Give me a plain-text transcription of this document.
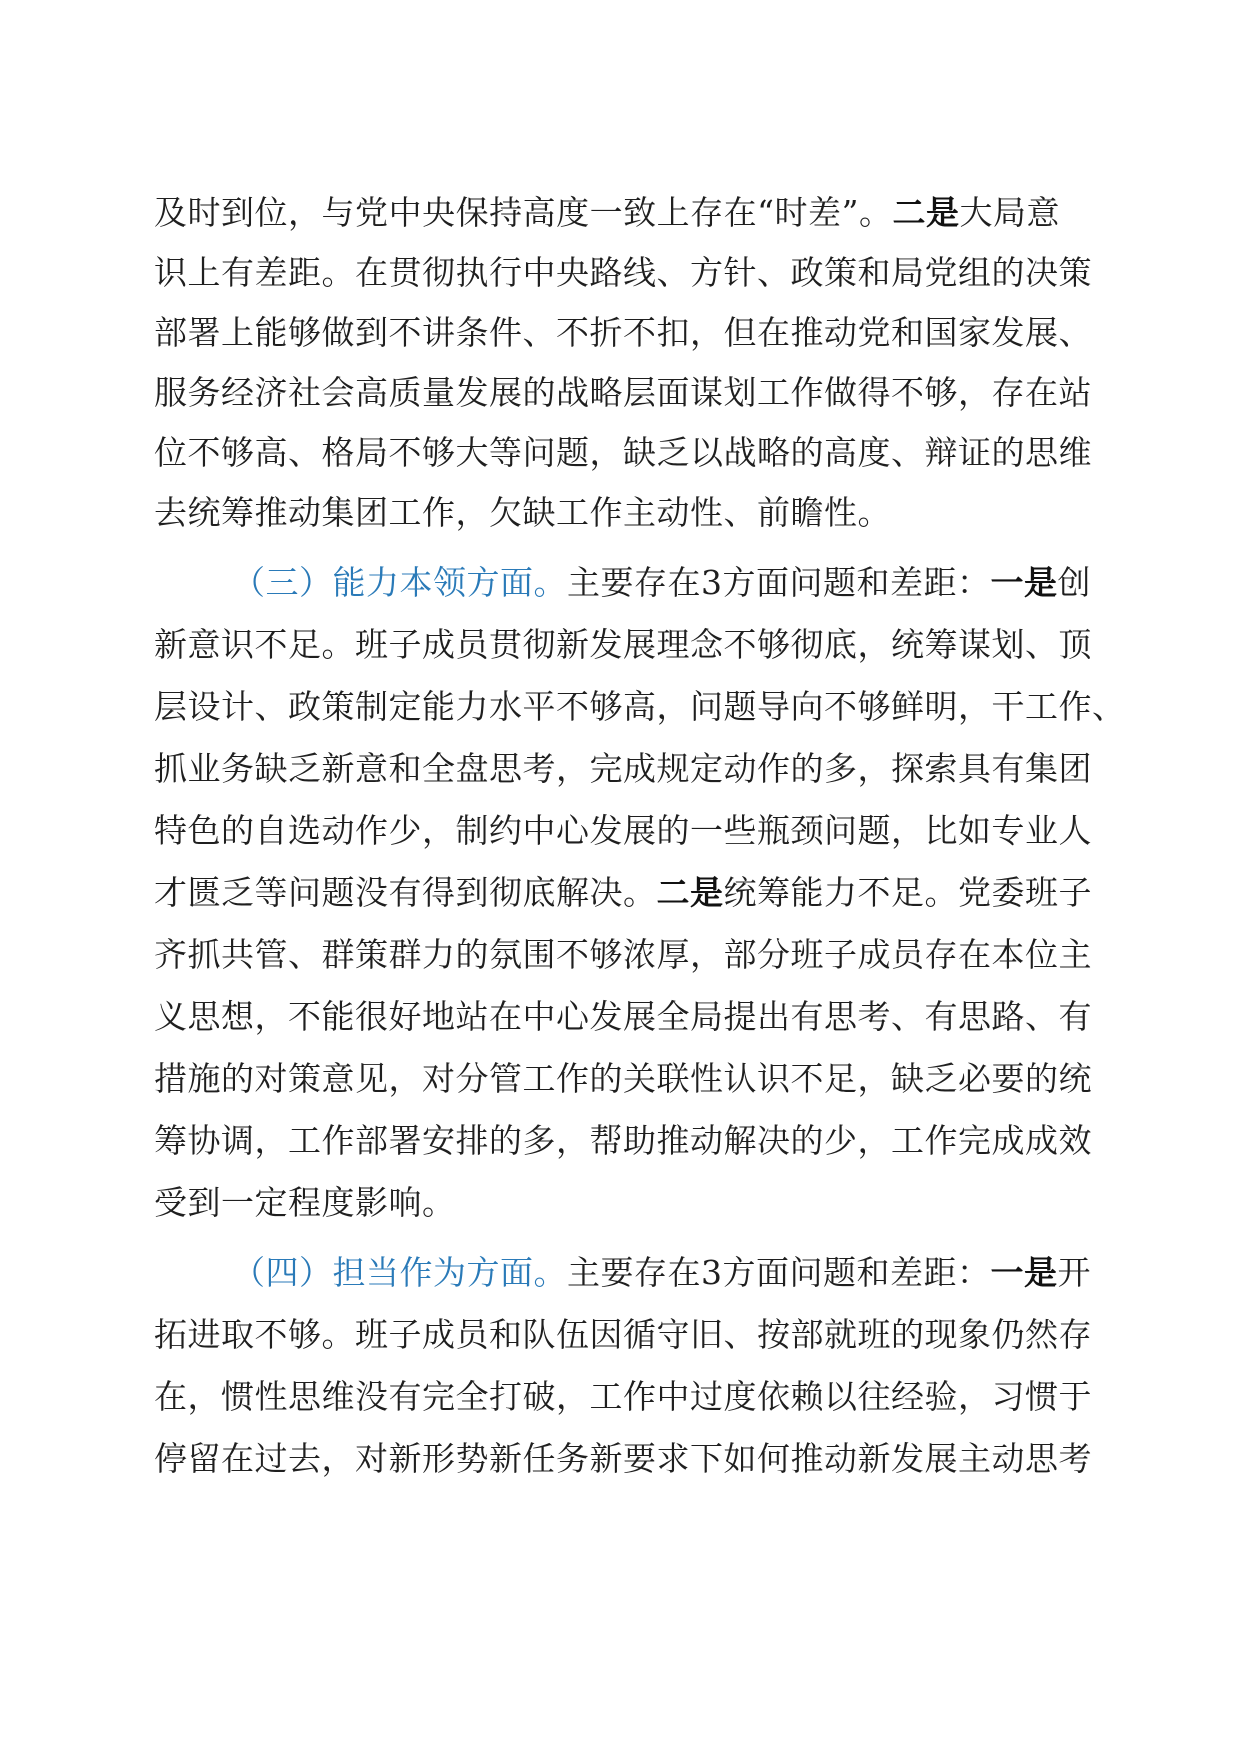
及时到位，与党中央保持高度一致上存在“时差”。二是大局意
识上有差距。在贯彻执行中央路线、方针、政策和局党组的决策
部署上能够做到不讲条件、不折不扣，但在推动党和国家发展、
服务经济社会高质量发展的战略层面谋划工作做得不够，存在站
位不够高、格局不够大等问题，缺乏以战略的高度、辩证的思维
去统筹推动集团工作，欠缺工作主动性、前瞻性。
（三）能力本领方面。主要存在3方面问题和差距：一是创
新意识不足。班子成员贯彻新发展理念不够彻底，统筹谋划、顶
层设计、政策制定能力水平不够高，问题导向不够鲜明，干工作、
抓业务缺乏新意和全盘思考，完成规定动作的多，探索具有集团
特色的自选动作少，制约中心发展的一些瓶颈问题，比如专业人
才匮乏等问题没有得到彻底解决。二是统筹能力不足。党委班子
齐抓共管、群策群力的氛围不够浓厚，部分班子成员存在本位主
义思想，不能很好地站在中心发展全局提出有思考、有思路、有
措施的对策意见，对分管工作的关联性认识不足，缺乏必要的统
筹协调，工作部署安排的多，帮助推动解决的少，工作完成成效
受到一定程度影响。
（四）担当作为方面。主要存在3方面问题和差距：一是开
拓进取不够。班子成员和队伍因循守旧、按部就班的现象仍然存
在，惯性思维没有完全打破，工作中过度依赖以往经验，习惯于
停留在过去，对新形势新任务新要求下如何推动新发展主动思考
